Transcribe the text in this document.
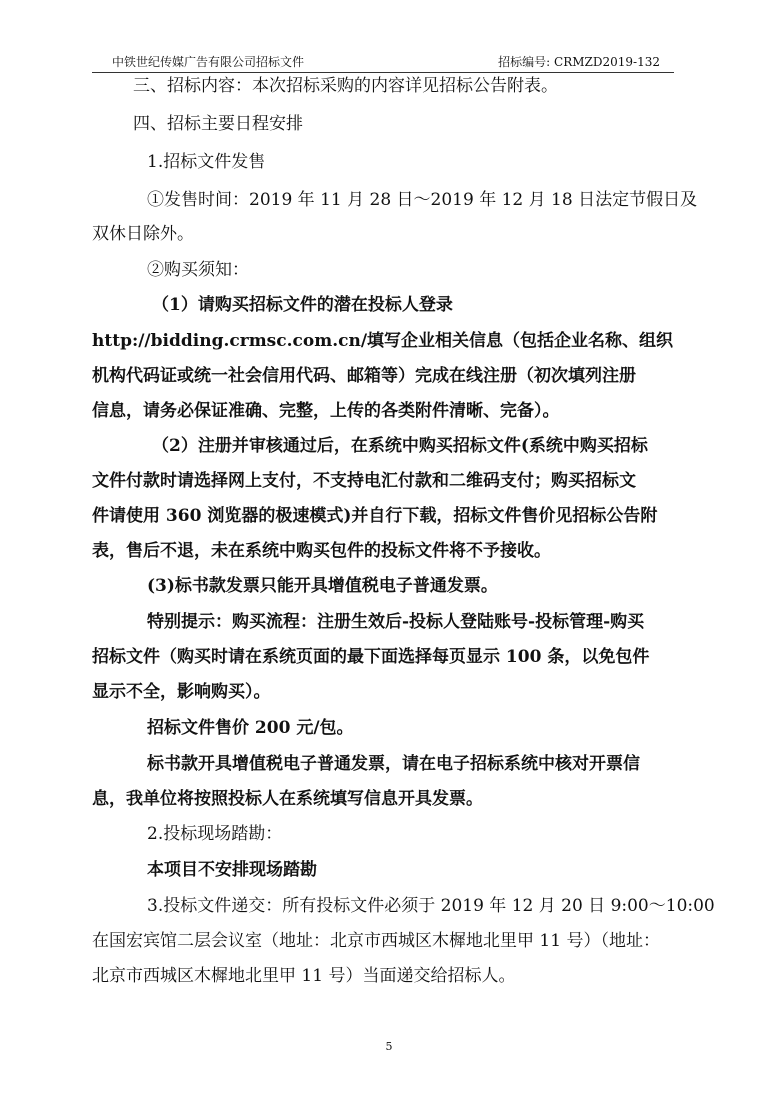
中铁世纪传媒广告有限公司招标文件	招标编号: CRMZD2019-132

三、招标内容：本次招标采购的内容详见招标公告附表。

四、招标主要日程安排

1.招标文件发售

①发售时间：2019 年 11 月 28 日～2019 年 12 月 18 日法定节假日及

双休日除外。

②购买须知：

（1）请购买招标文件的潜在投标人登录

http://bidding.crmsc.com.cn/填写企业相关信息（包括企业名称、组织

机构代码证或统一社会信用代码、邮箱等）完成在线注册（初次填列注册

信息，请务必保证准确、完整，上传的各类附件清晰、完备）。

（2）注册并审核通过后，在系统中购买招标文件(系统中购买招标

文件付款时请选择网上支付，不支持电汇付款和二维码支付；购买招标文

件请使用 360 浏览器的极速模式)并自行下载，招标文件售价见招标公告附

表，售后不退，未在系统中购买包件的投标文件将不予接收。

(3)标书款发票只能开具增值税电子普通发票。

特别提示：购买流程：注册生效后-投标人登陆账号-投标管理-购买

招标文件（购买时请在系统页面的最下面选择每页显示 100 条，以免包件

显示不全，影响购买）。

招标文件售价 200 元/包。

标书款开具增值税电子普通发票，请在电子招标系统中核对开票信

息，我单位将按照投标人在系统填写信息开具发票。

2.投标现场踏勘：

本项目不安排现场踏勘

3.投标文件递交：所有投标文件必须于 2019 年 12 月 20 日 9:00～10:00

在国宏宾馆二层会议室（地址：北京市西城区木樨地北里甲 11 号）（地址：

北京市西城区木樨地北里甲 11 号）当面递交给招标人。

5
